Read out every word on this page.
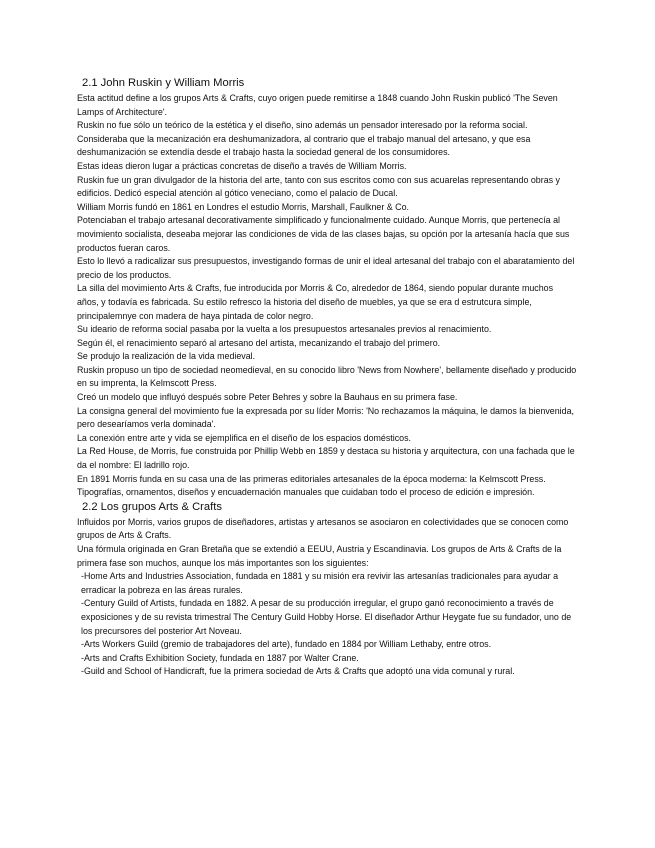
2.1 John Ruskin y William Morris

Esta actitud define a los grupos Arts & Crafts, cuyo origen puede remitirse a 1848 cuando John Ruskin publicó 'The Seven Lamps of Architecture'.

Ruskin no fue sólo un teórico de la estética y el diseño, sino además un pensador interesado por la reforma social.

Consideraba que la mecanización era deshumanizadora, al contrario que el trabajo manual del artesano, y que esa deshumanización se extendía desde el trabajo hasta la sociedad general de los consumidores.

Estas ideas dieron lugar a prácticas concretas de diseño a través de William Morris.

Ruskin fue un gran divulgador de la historia del arte, tanto con sus escritos como con sus acuarelas representando obras y edificios. Dedicó especial atención al gótico veneciano, como el palacio de Ducal.

William Morris fundó en 1861 en Londres el estudio Morris, Marshall, Faulkner & Co.

Potenciaban el trabajo artesanal decorativamente simplificado y funcionalmente cuidado. Aunque Morris, que pertenecía al movimiento socialista, deseaba mejorar las condiciones de vida de las clases bajas, su opción por la artesanía hacía que sus productos fueran caros.

Esto lo llevó a radicalizar sus presupuestos, investigando formas de unir el ideal artesanal del trabajo con el abaratamiento del precio de los productos.

La silla del movimiento Arts & Crafts, fue introducida por Morris & Co, alrededor de 1864, siendo popular durante muchos años, y todavía es fabricada. Su estilo refresco la historia del diseño de muebles, ya que se era d estrutcura simple, principalemnye con madera de haya pintada de color negro.

Su ideario de reforma social pasaba por la vuelta a los presupuestos artesanales previos al renacimiento.

Según él, el renacimiento separó al artesano del artista, mecanizando el trabajo del primero.

Se produjo la realización de la vida medieval.

Ruskin propuso un tipo de sociedad neomedieval, en su conocido libro 'News from Nowhere', bellamente diseñado y producido en su imprenta, la Kelmscott Press.

Creó un modelo que influyó después sobre Peter Behres y sobre la Bauhaus en su primera fase.

La consigna general del movimiento fue la expresada por su líder Morris: 'No rechazamos la máquina, le damos la bienvenida, pero desearíamos verla dominada'.

La conexión entre arte y vida se ejemplifica en el diseño de los espacios domésticos.

La Red House, de Morris, fue construida por Phillip Webb en 1859 y destaca su historia y arquitectura, con una fachada que le da el nombre: El ladrillo rojo.

En 1891 Morris funda en su casa una de las primeras editoriales artesanales de la época moderna: la Kelmscott Press.

Tipografías, ornamentos, diseños y encuadernación manuales que cuidaban todo el proceso de edición e impresión.

2.2 Los grupos Arts & Crafts

Influidos por Morris, varios grupos de diseñadores, artistas y artesanos se asociaron en colectividades que se conocen como grupos de Arts & Crafts.

Una fórmula originada en Gran Bretaña que se extendió a EEUU, Austria y Escandinavia. Los grupos de Arts & Crafts de la primera fase son muchos, aunque los más importantes son los siguientes:

-Home Arts and Industries Association, fundada en 1881 y su misión era revivir las artesanías tradicionales para ayudar a erradicar la pobreza en las áreas rurales.

-Century Guild of Artists, fundada en 1882. A pesar de su producción irregular, el grupo ganó reconocimiento a través de exposiciones y de su revista trimestral The Century Guild Hobby Horse. El diseñador Arthur Heygate fue su fundador, uno de los precursores del posterior Art Noveau.

-Arts Workers Guild (gremio de trabajadores del arte), fundado en 1884 por William Lethaby, entre otros.

-Arts and Crafts Exhibition Society, fundada en 1887 por Walter Crane.

-Guild and School of Handicraft, fue la primera sociedad de Arts & Crafts que adoptó una vida comunal y rural.
